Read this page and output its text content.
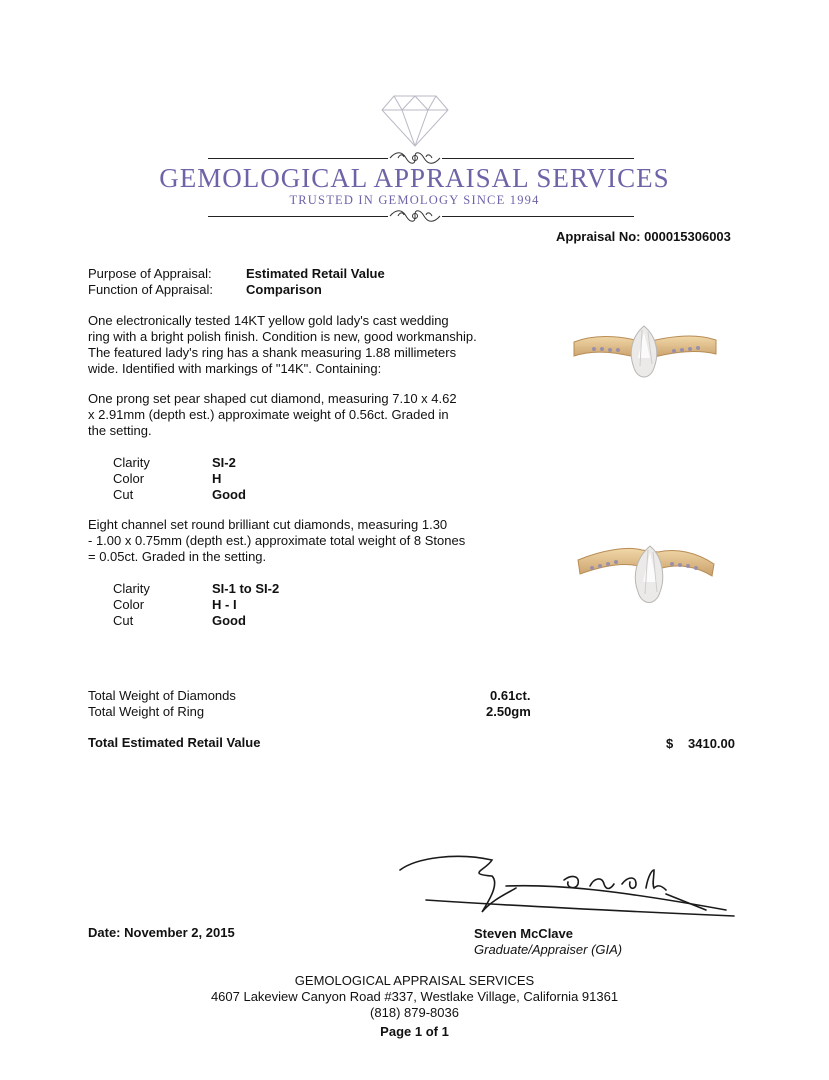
GEMOLOGICAL APPRAISAL SERVICES
TRUSTED IN GEMOLOGY SINCE 1994
Appraisal No: 000015306003
Purpose of Appraisal:	Estimated Retail Value
Function of Appraisal:	Comparison
One electronically tested 14KT yellow gold lady's cast wedding
ring with a bright polish finish. Condition is new, good workmanship.
The featured lady's ring has a shank measuring 1.88 millimeters
wide. Identified with markings of "14K". Containing:
One prong set pear shaped cut diamond, measuring 7.10 x 4.62
x 2.91mm (depth est.) approximate weight of 0.56ct. Graded in
the setting.
Clarity	SI-2
Color	H
Cut	Good
Eight channel set round brilliant cut diamonds, measuring 1.30
- 1.00 x 0.75mm (depth est.) approximate total weight of 8 Stones
= 0.05ct. Graded in the setting.
Clarity	SI-1 to SI-2
Color	H - I
Cut	Good
Total Weight of Diamonds	0.61ct.
Total Weight of Ring	2.50gm
Total Estimated Retail Value	$ 3410.00
Date: November 2, 2015	Steven McClave
Graduate/Appraiser (GIA)
GEMOLOGICAL APPRAISAL SERVICES
4607 Lakeview Canyon Road #337, Westlake Village, California 91361
(818) 879-8036
Page 1 of 1
